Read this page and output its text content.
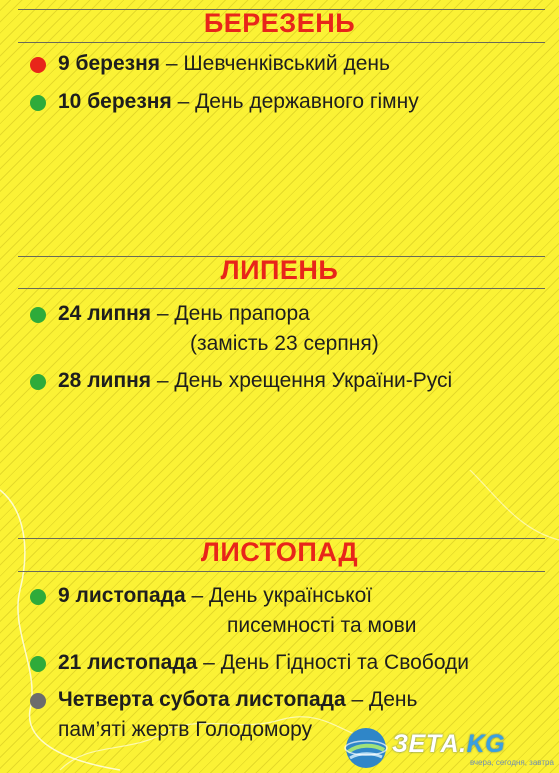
БЕРЕЗЕНЬ
9 березня – Шевченківський день
10 березня – День державного гімну
ЛИПЕНЬ
24 липня – День прапора
(замість 23 серпня)
28 липня – День хрещення України-Русі
ЛИСТОПАД
9 листопада – День української
писемності та мови
21 листопада – День Гідності та Свободи
Четверта субота листопада – День
пам’яті жертв Голодомору
ЗЕТА.KG
вчера, сегодня, завтра
